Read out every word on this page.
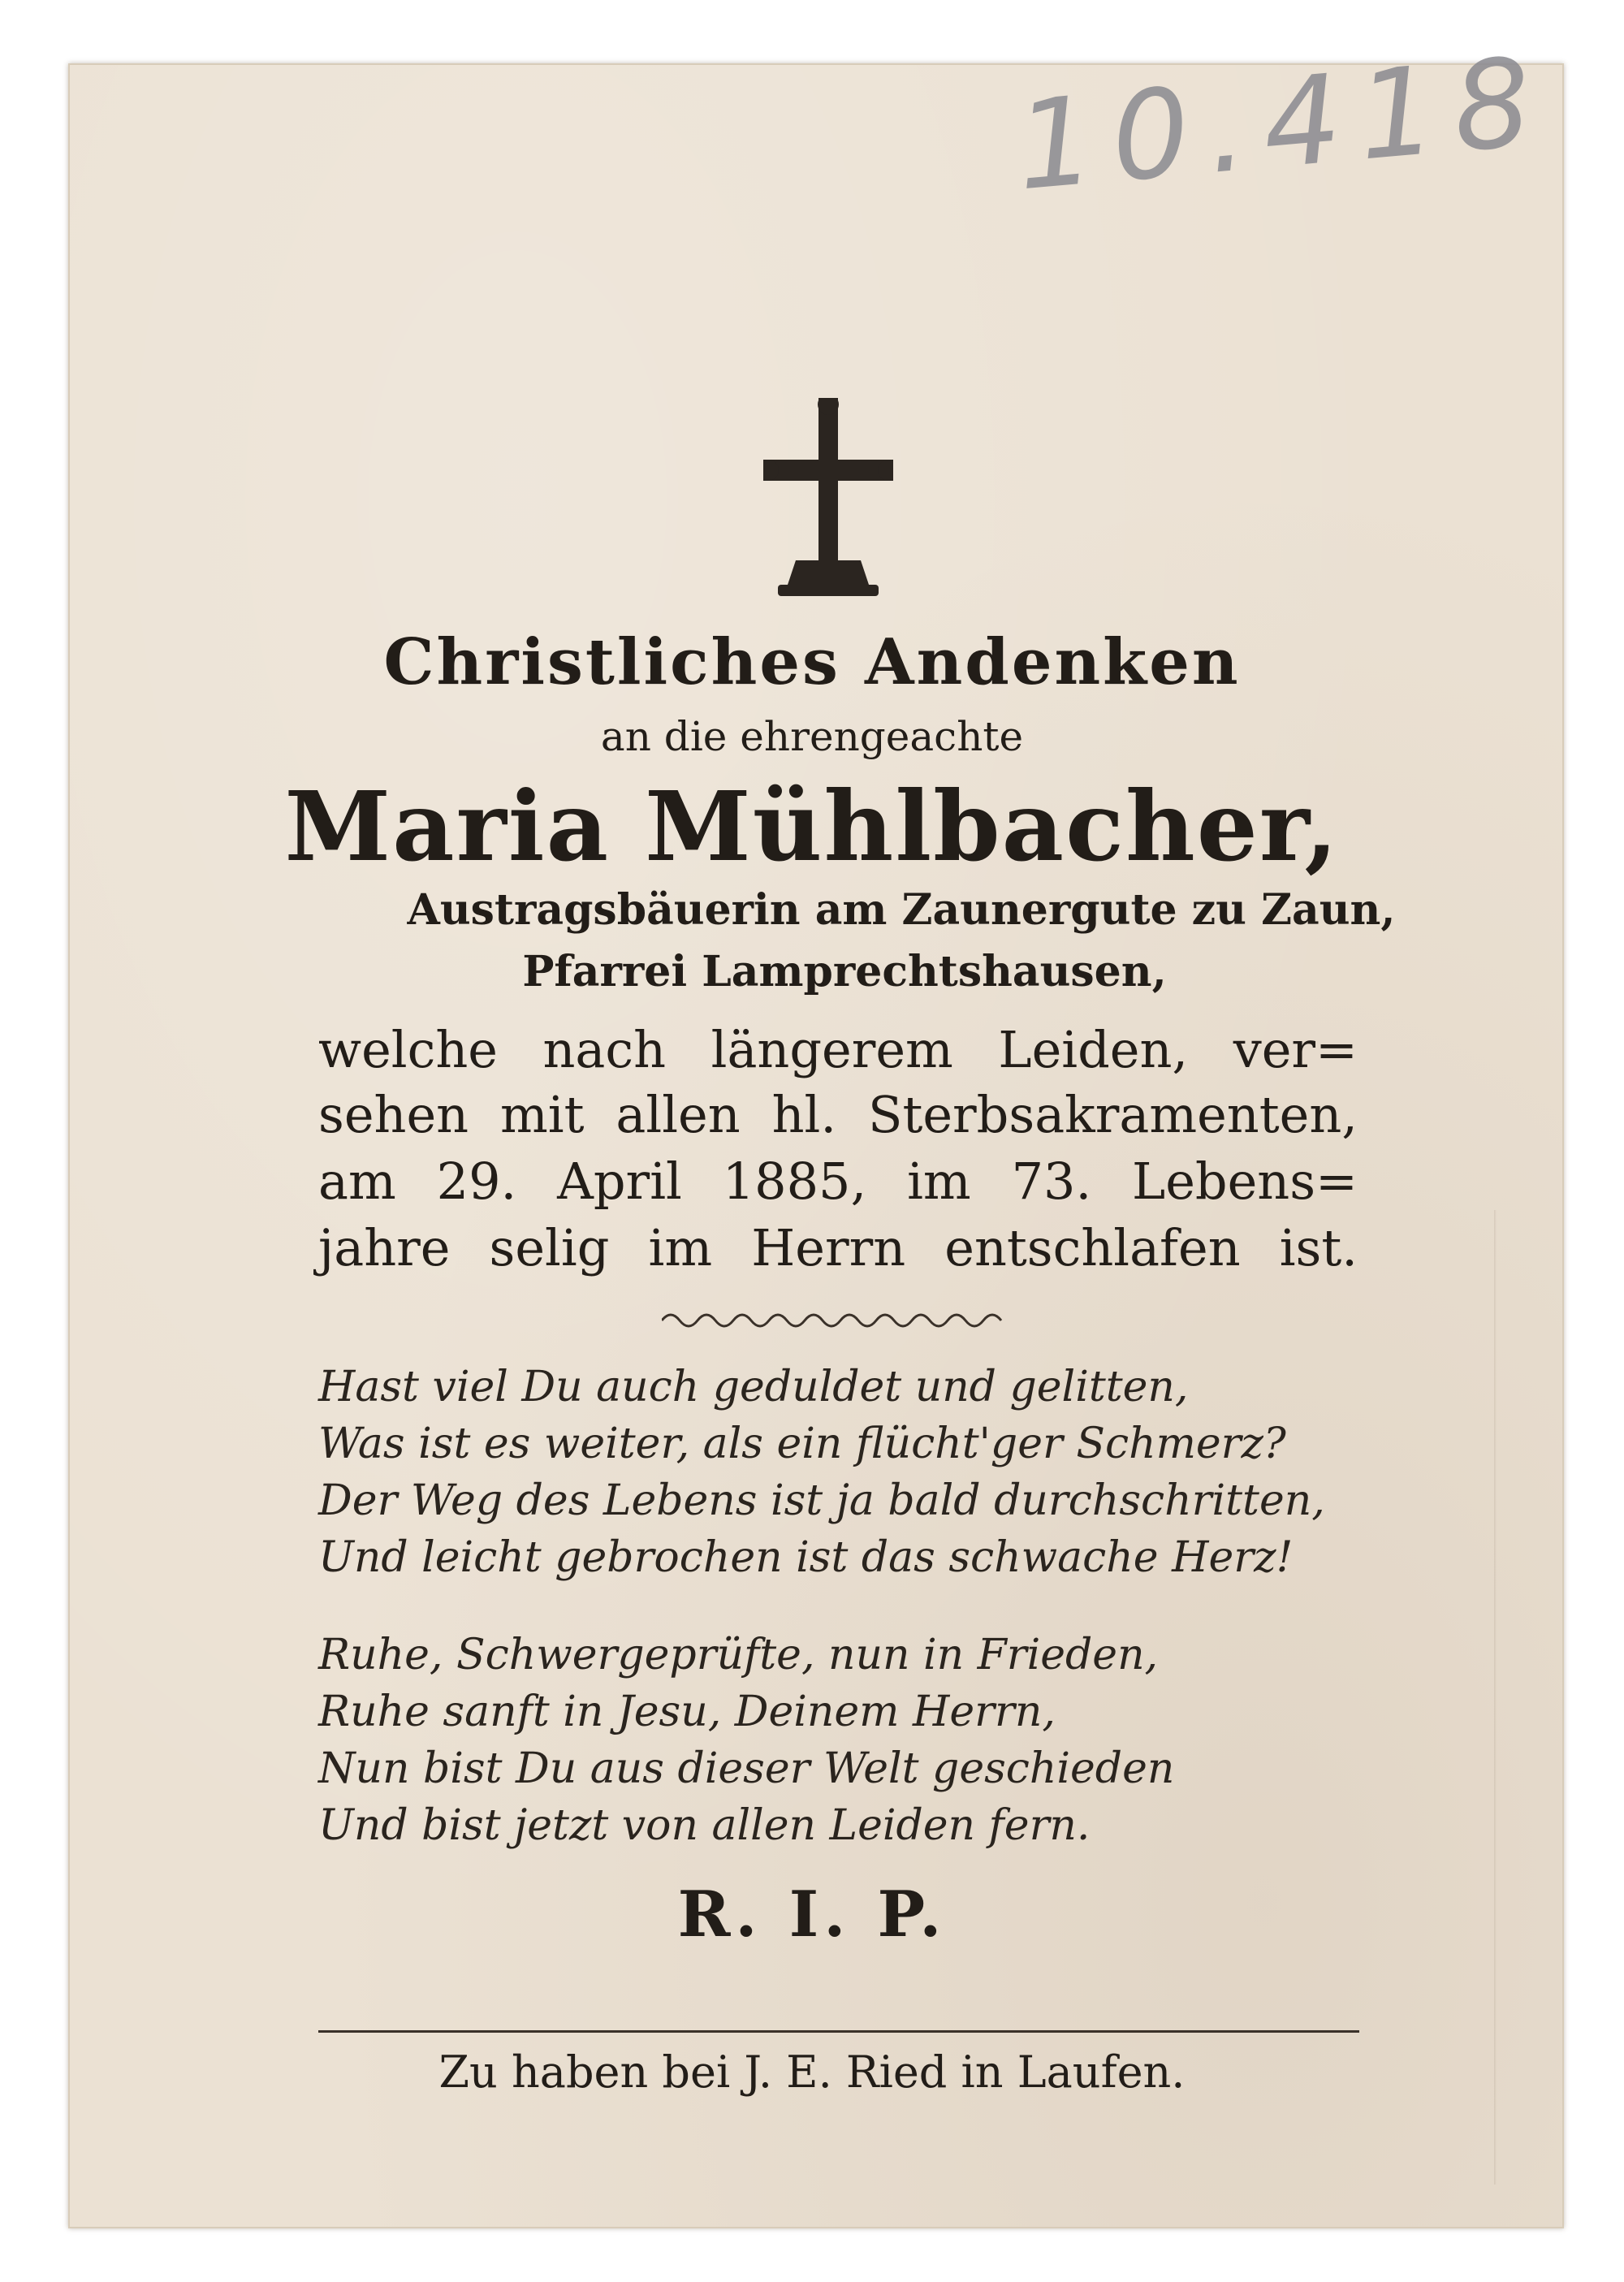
10.418
Christliches Andenken
an die ehrengeachte
Maria Mühlbacher,
Austragsbäuerin am Zaunergute zu Zaun,
Pfarrei Lamprechtshausen,
welche nach längerem Leiden, ver=
sehen mit allen hl. Sterbsakramenten,
am 29. April 1885, im 73. Lebens=
jahre selig im Herrn entschlafen ist.
Hast viel Du auch geduldet und gelitten,
Was ist es weiter, als ein flücht'ger Schmerz?
Der Weg des Lebens ist ja bald durchschritten,
Und leicht gebrochen ist das schwache Herz!
Ruhe, Schwergeprüfte, nun in Frieden,
Ruhe sanft in Jesu, Deinem Herrn,
Nun bist Du aus dieser Welt geschieden
Und bist jetzt von allen Leiden fern.
R. I. P.
Zu haben bei J. E. Ried in Laufen.
